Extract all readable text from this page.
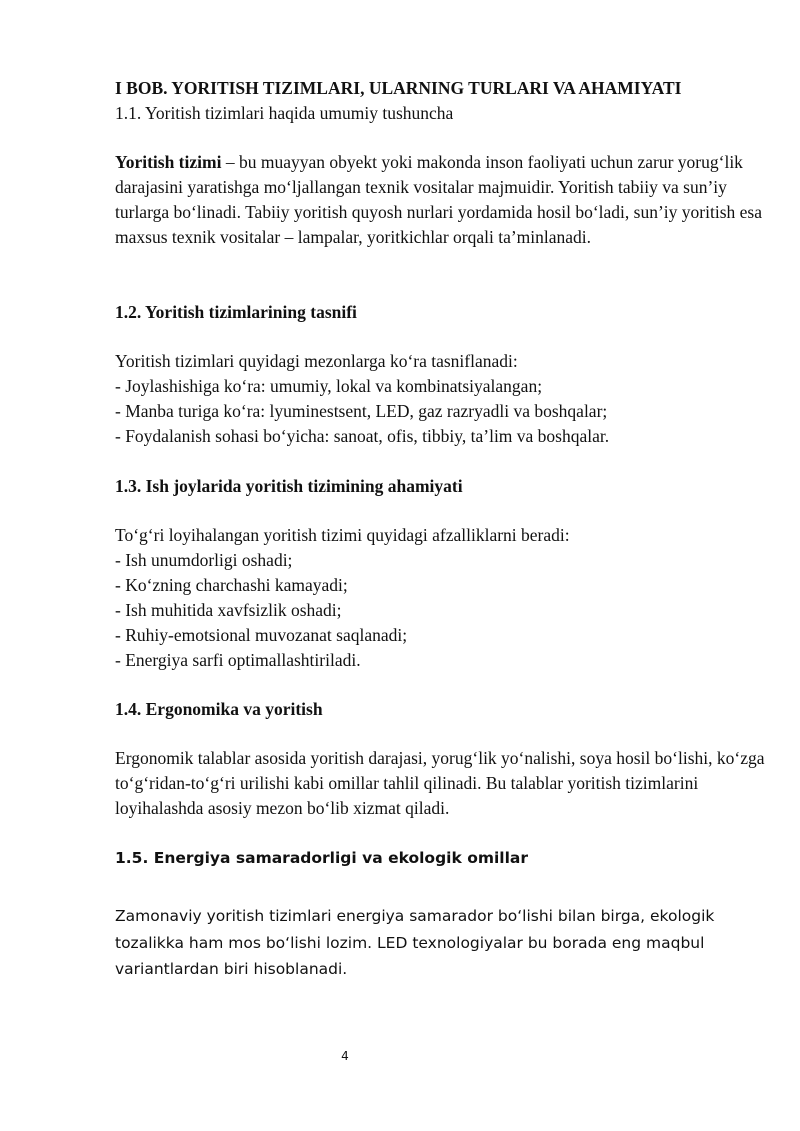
I BOB. YORITISH TIZIMLARI, ULARNING TURLARI VA AHAMIYATI
1.1. Yoritish tizimlari haqida umumiy tushuncha

Yoritish tizimi – bu muayyan obyekt yoki makonda inson faoliyati uchun zarur yorug‘lik darajasini yaratishga mo‘ljallangan texnik vositalar majmuidir. Yoritish tabiiy va sun’iy turlarga bo‘linadi. Tabiiy yoritish quyosh nurlari yordamida hosil bo‘ladi, sun’iy yoritish esa maxsus texnik vositalar – lampalar, yoritkichlar orqali ta’minlanadi.

1.2. Yoritish tizimlarining tasnifi
Yoritish tizimlari quyidagi mezonlarga ko‘ra tasniflanadi:
- Joylashishiga ko‘ra: umumiy, lokal va kombinatsiyalangan;
- Manba turiga ko‘ra: lyuminestsent, LED, gaz razryadli va boshqalar;
- Foydalanish sohasi bo‘yicha: sanoat, ofis, tibbiy, ta’lim va boshqalar.
1.3. Ish joylarida yoritish tizimining ahamiyati
To‘g‘ri loyihalangan yoritish tizimi quyidagi afzalliklarni beradi:
- Ish unumdorligi oshadi;
- Ko‘zning charchashi kamayadi;
- Ish muhitida xavfsizlik oshadi;
- Ruhiy-emotsional muvozanat saqlanadi;
- Energiya sarfi optimallashtiriladi.
1.4. Ergonomika va yoritish

Ergonomik talablar asosida yoritish darajasi, yorug‘lik yo‘nalishi, soya hosil bo‘lishi, ko‘zga to‘g‘ridan-to‘g‘ri urilishi kabi omillar tahlil qilinadi. Bu talablar yoritish tizimlarini loyihalashda asosiy mezon bo‘lib xizmat qiladi.

1.5. Energiya samaradorligi va ekologik omillar

Zamonaviy yoritish tizimlari energiya samarador bo‘lishi bilan birga, ekologik tozalikka ham mos bo‘lishi lozim. LED texnologiyalar bu borada eng maqbul variantlardan biri hisoblanadi.

4
